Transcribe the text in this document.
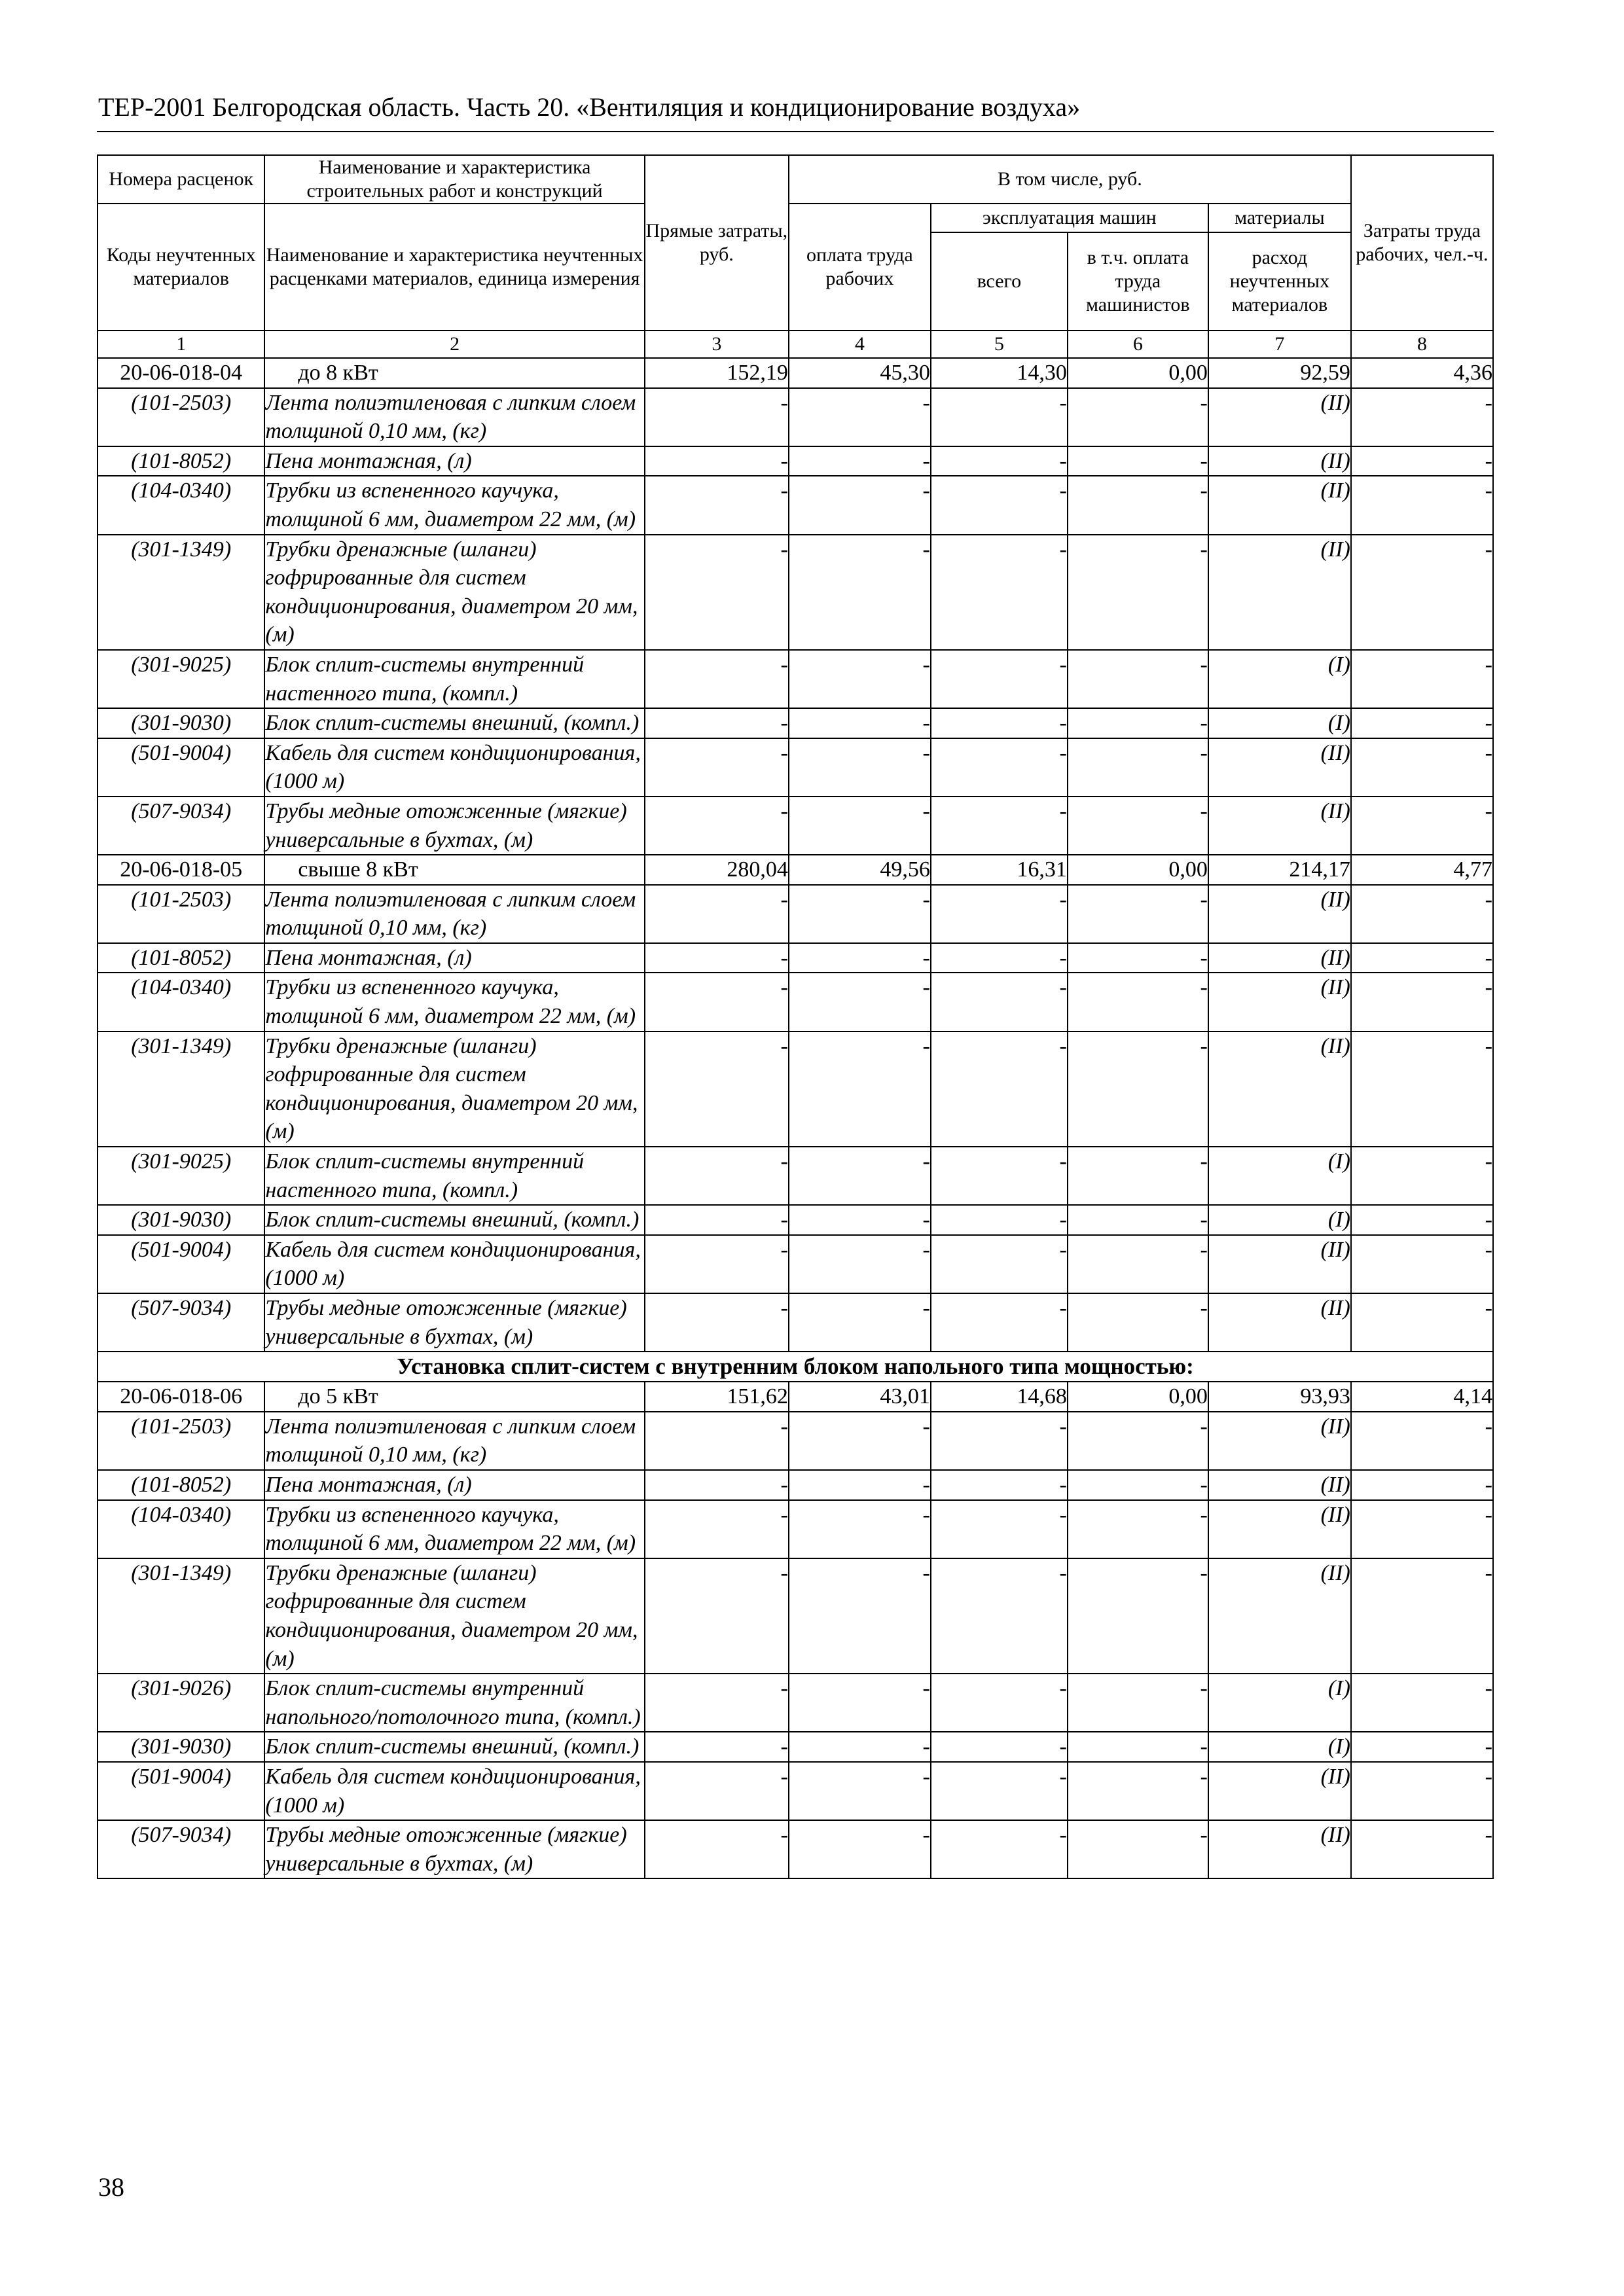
ТЕР-2001 Белгородская область. Часть 20. «Вентиляция и кондиционирование воздуха»
Номера расценок	Наименование и характеристика строительных работ и конструкций	Прямые затраты, руб.	В том числе, руб.				Затраты труда рабочих, чел.-ч.
Коды неучтенных материалов	Наименование и характеристика неучтенных расценками материалов, единица измерения		оплата труда рабочих	эксплуатация машин		материалы	
				всего	в т.ч. оплата труда машинистов	расход неучтенных материалов	
1	2	3	4	5	6	7	8
20-06-018-04	до 8 кВт	152,19	45,30	14,30	0,00	92,59	4,36
(101-2503)	Лента полиэтиленовая с липким слоем толщиной 0,10 мм, (кг)	-	-	-	-	(II)	-
(101-8052)	Пена монтажная, (л)	-	-	-	-	(II)	-
(104-0340)	Трубки из вспененного каучука, толщиной 6 мм, диаметром 22 мм, (м)	-	-	-	-	(II)	-
(301-1349)	Трубки дренажные (шланги) гофрированные для систем кондиционирования, диаметром 20 мм, (м)	-	-	-	-	(II)	-
(301-9025)	Блок сплит-системы внутренний настенного типа, (компл.)	-	-	-	-	(I)	-
(301-9030)	Блок сплит-системы внешний, (компл.)	-	-	-	-	(I)	-
(501-9004)	Кабель для систем кондиционирования, (1000 м)	-	-	-	-	(II)	-
(507-9034)	Трубы медные отожженные (мягкие) универсальные в бухтах, (м)	-	-	-	-	(II)	-
20-06-018-05	свыше 8 кВт	280,04	49,56	16,31	0,00	214,17	4,77
(101-2503)	Лента полиэтиленовая с липким слоем толщиной 0,10 мм, (кг)	-	-	-	-	(II)	-
(101-8052)	Пена монтажная, (л)	-	-	-	-	(II)	-
(104-0340)	Трубки из вспененного каучука, толщиной 6 мм, диаметром 22 мм, (м)	-	-	-	-	(II)	-
(301-1349)	Трубки дренажные (шланги) гофрированные для систем кондиционирования, диаметром 20 мм, (м)	-	-	-	-	(II)	-
(301-9025)	Блок сплит-системы внутренний настенного типа, (компл.)	-	-	-	-	(I)	-
(301-9030)	Блок сплит-системы внешний, (компл.)	-	-	-	-	(I)	-
(501-9004)	Кабель для систем кондиционирования, (1000 м)	-	-	-	-	(II)	-
(507-9034)	Трубы медные отожженные (мягкие) универсальные в бухтах, (м)	-	-	-	-	(II)	-
Установка сплит-систем с внутренним блоком напольного типа мощностью:							
20-06-018-06	до 5 кВт	151,62	43,01	14,68	0,00	93,93	4,14
(101-2503)	Лента полиэтиленовая с липким слоем толщиной 0,10 мм, (кг)	-	-	-	-	(II)	-
(101-8052)	Пена монтажная, (л)	-	-	-	-	(II)	-
(104-0340)	Трубки из вспененного каучука, толщиной 6 мм, диаметром 22 мм, (м)	-	-	-	-	(II)	-
(301-1349)	Трубки дренажные (шланги) гофрированные для систем кондиционирования, диаметром 20 мм, (м)	-	-	-	-	(II)	-
(301-9026)	Блок сплит-системы внутренний напольного/потолочного типа, (компл.)	-	-	-	-	(I)	-
(301-9030)	Блок сплит-системы внешний, (компл.)	-	-	-	-	(I)	-
(501-9004)	Кабель для систем кондиционирования, (1000 м)	-	-	-	-	(II)	-
(507-9034)	Трубы медные отожженные (мягкие) универсальные в бухтах, (м)	-	-	-	-	(II)	-
38
